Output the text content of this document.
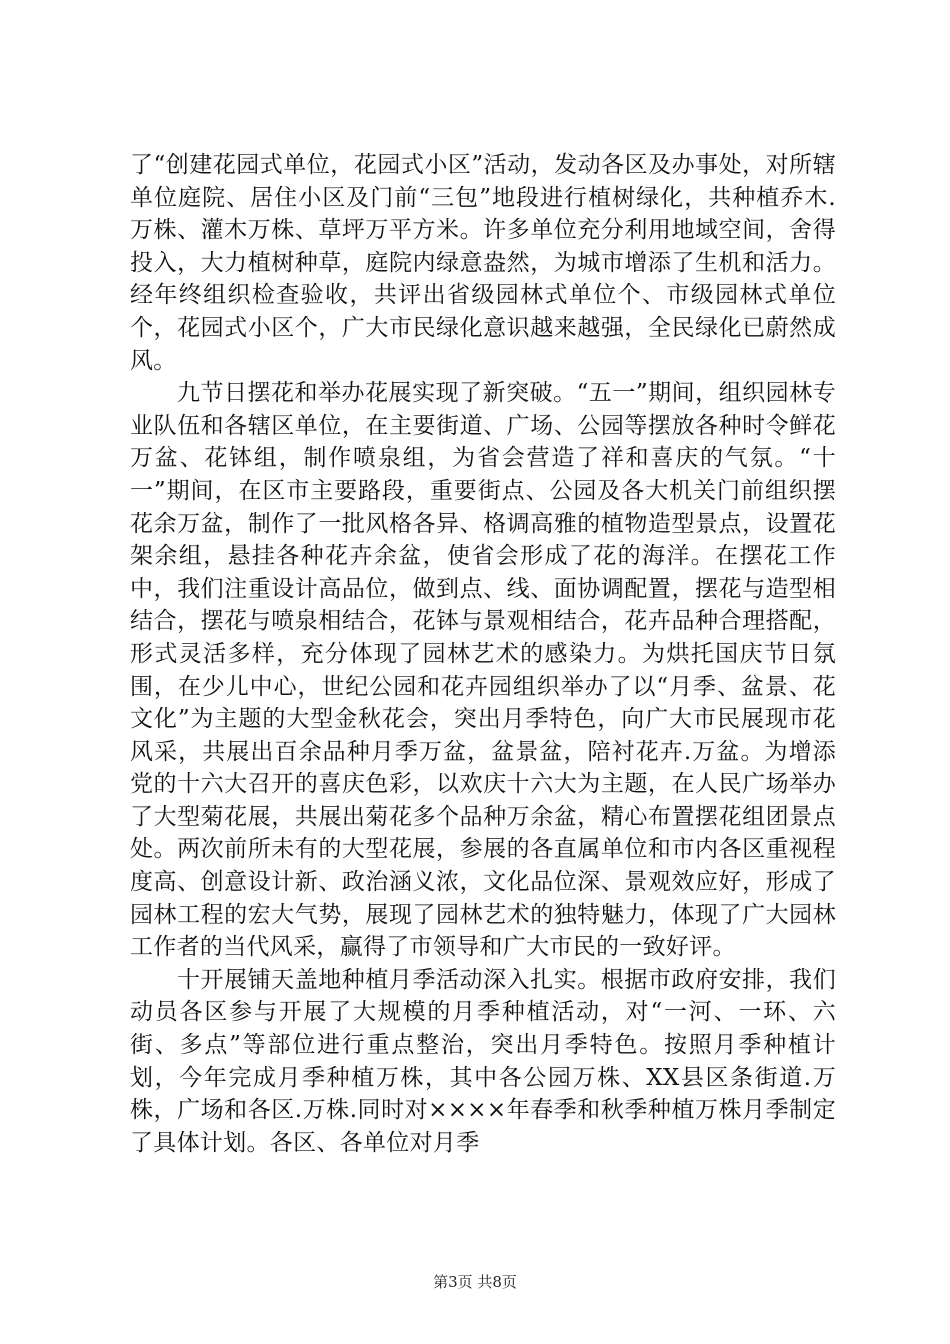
了“创建花园式单位，花园式小区”活动，发动各区及办事处，对所辖单位庭院、居住小区及门前“三包”地段进行植树绿化，共种植乔木.万株、灌木万株、草坪万平方米。许多单位充分利用地域空间，舍得投入，大力植树种草，庭院内绿意盎然，为城市增添了生机和活力。经年终组织检查验收，共评出省级园林式单位个、市级园林式单位个，花园式小区个，广大市民绿化意识越来越强，全民绿化已蔚然成风。

九节日摆花和举办花展实现了新突破。“五一”期间，组织园林专业队伍和各辖区单位，在主要街道、广场、公园等摆放各种时令鲜花万盆、花钵组，制作喷泉组，为省会营造了祥和喜庆的气氛。“十一”期间，在区市主要路段，重要街点、公园及各大机关门前组织摆花余万盆，制作了一批风格各异、格调高雅的植物造型景点，设置花架余组，悬挂各种花卉余盆，使省会形成了花的海洋。在摆花工作中，我们注重设计高品位，做到点、线、面协调配置，摆花与造型相结合，摆花与喷泉相结合，花钵与景观相结合，花卉品种合理搭配，形式灵活多样，充分体现了园林艺术的感染力。为烘托国庆节日氛围，在少儿中心，世纪公园和花卉园组织举办了以“月季、盆景、花文化”为主题的大型金秋花会，突出月季特色，向广大市民展现市花风采，共展出百余品种月季万盆，盆景盆，陪衬花卉.万盆。为增添党的十六大召开的喜庆色彩，以欢庆十六大为主题，在人民广场举办了大型菊花展，共展出菊花多个品种万余盆，精心布置摆花组团景点处。两次前所未有的大型花展，参展的各直属单位和市内各区重视程度高、创意设计新、政治涵义浓，文化品位深、景观效应好，形成了园林工程的宏大气势，展现了园林艺术的独特魅力，体现了广大园林工作者的当代风采，赢得了市领导和广大市民的一致好评。

十开展铺天盖地种植月季活动深入扎实。根据市政府安排，我们动员各区参与开展了大规模的月季种植活动，对“一河、一环、六街、多点”等部位进行重点整治，突出月季特色。按照月季种植计划，今年完成月季种植万株，其中各公园万株、XX县区条街道.万株，广场和各区.万株.同时对××××年春季和秋季种植万株月季制定了具体计划。各区、各单位对月季

第3页 共8页
